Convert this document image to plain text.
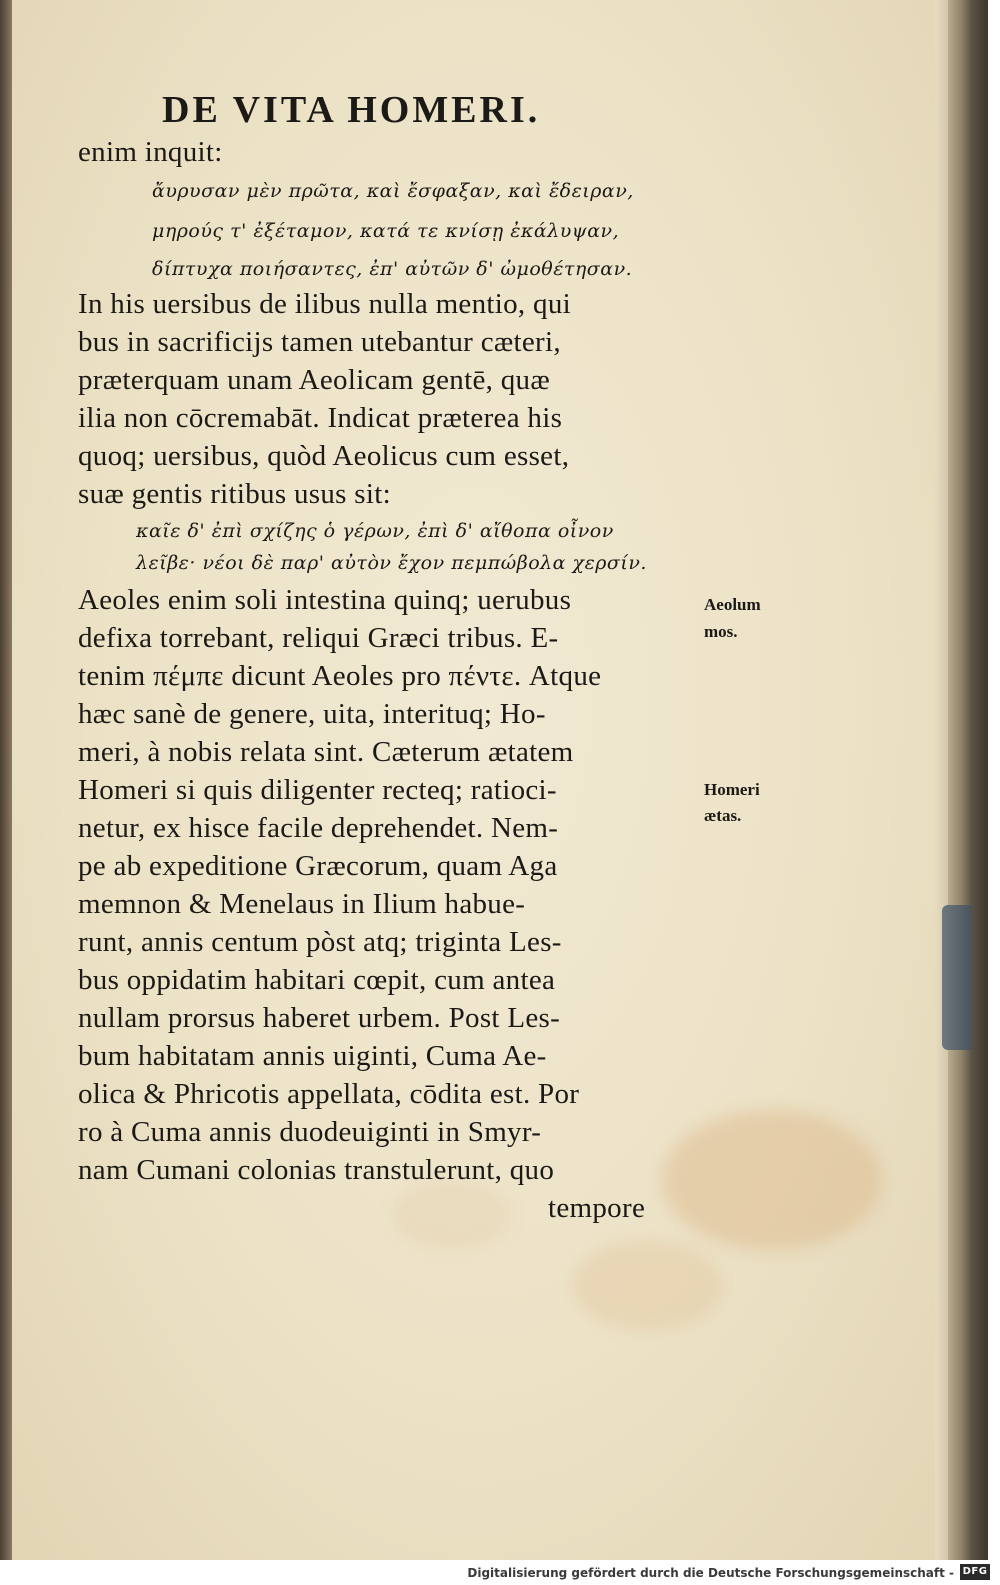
DE VITA HOMERI.
enim inquit:
ἄυρυσαν μὲν πρῶτα, καὶ ἔσφαξαν, καὶ ἔδειραν,
μηρούς τ' ἐξέταμον, κατά τε κνίσῃ ἐκάλυψαν,
δίπτυχα ποιήσαντες, ἐπ' αὐτῶν δ' ὠμοθέτησαν.
In his uersibus de ilibus nulla mentio, qui
bus in sacrificijs tamen utebantur cæteri,
præterquam unam Aeolicam gentē, quæ
ilia non cōcremabāt. Indicat præterea his
quoq; uersibus, quòd Aeolicus cum esset,
suæ gentis ritibus usus sit:
καῖε δ' ἐπὶ σχίζης ὁ γέρων, ἐπὶ δ' αἴθοπα οἶνον
λεῖβε· νέοι δὲ παρ' αὐτὸν ἔχον πεμπώβολα χερσίν.
Aeoles enim soli intestina quinq; uerubus
defixa torrebant, reliqui Græci tribus. E-
tenim πέμπε dicunt Aeoles pro πέντε. Atque
hæc sanè de genere, uita, interituq; Ho-
meri, à nobis relata sint. Cæterum ætatem
Homeri si quis diligenter recteq; ratioci-
netur, ex hisce facile deprehendet. Nem-
pe ab expeditione Græcorum, quam Aga
memnon & Menelaus in Ilium habue-
runt, annis centum pòst atq; triginta Les-
bus oppidatim habitari cœpit, cum antea
nullam prorsus haberet urbem. Post Les-
bum habitatam annis uiginti, Cuma Ae-
olica & Phricotis appellata, cōdita est. Por
ro à Cuma annis duodeuiginti in Smyr-
nam Cumani colonias transtulerunt, quo
tempore
Aeolum
mos.
Homeri
ætas.
Digitalisierung gefördert durch die Deutsche Forschungsgemeinschaft - DFG
